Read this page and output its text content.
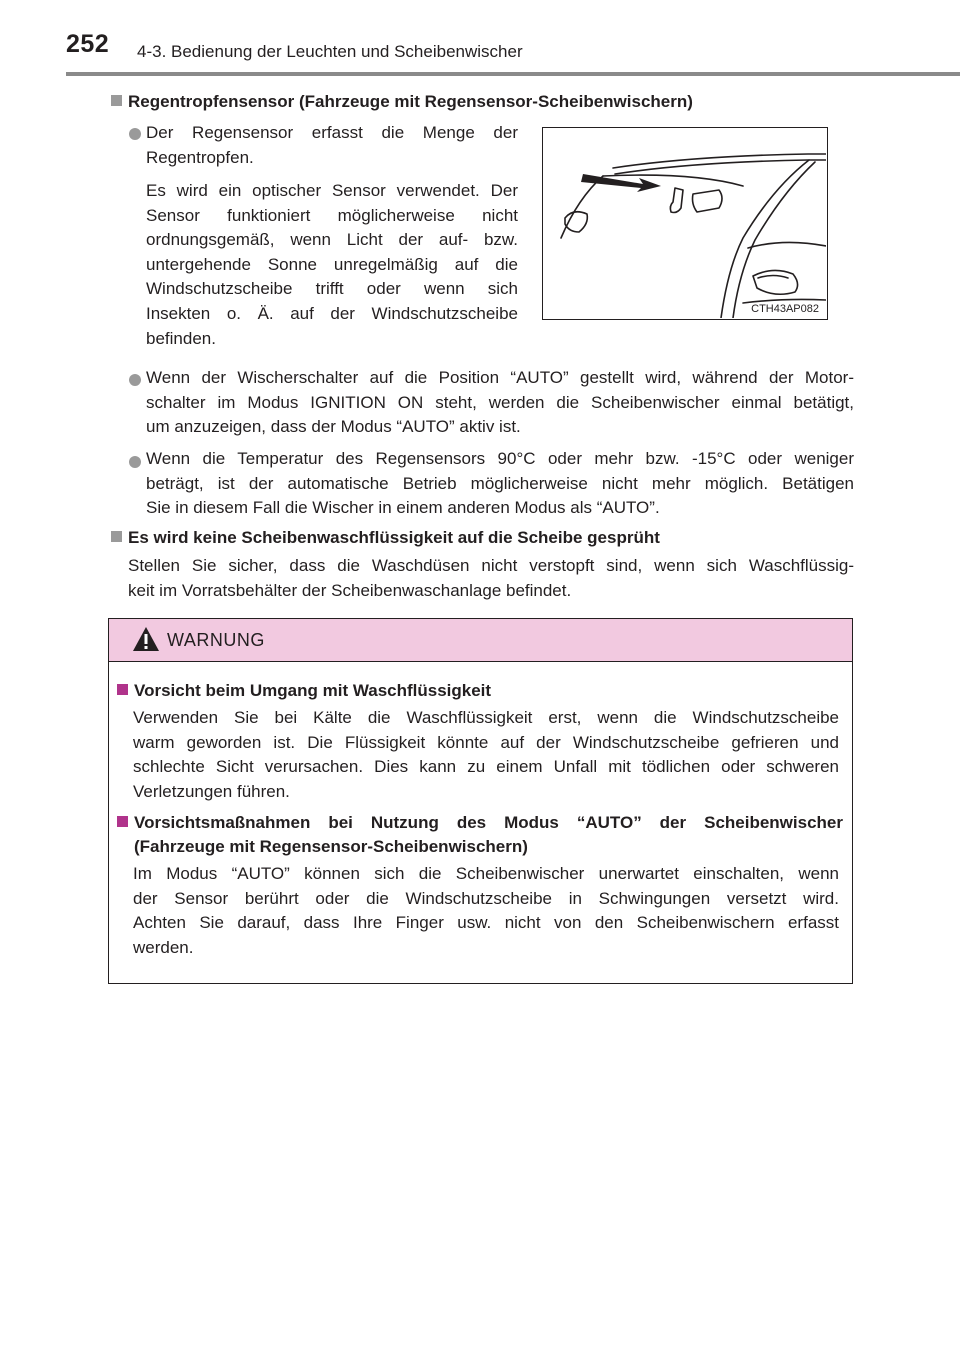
252 4-3. Bedienung der Leuchten und Scheibenwischer
Regentropfensensor (Fahrzeuge mit Regensensor-Scheibenwischern)
Der Regensensor erfasst die Menge der
Regentropfen.
Es wird ein optischer Sensor verwendet. Der
Sensor funktioniert möglicherweise nicht
ordnungsgemäß, wenn Licht der auf- bzw.
untergehende Sonne unregelmäßig auf die
Windschutzscheibe trifft oder wenn sich
Insekten o. Ä. auf der Windschutzscheibe
befinden.
CTH43AP082
Wenn der Wischerschalter auf die Position “AUTO” gestellt wird, während der Motor-
schalter im Modus IGNITION ON steht, werden die Scheibenwischer einmal betätigt,
um anzuzeigen, dass der Modus “AUTO” aktiv ist.
Wenn die Temperatur des Regensensors 90°C oder mehr bzw. -15°C oder weniger
beträgt, ist der automatische Betrieb möglicherweise nicht mehr möglich. Betätigen
Sie in diesem Fall die Wischer in einem anderen Modus als “AUTO”.
Es wird keine Scheibenwaschflüssigkeit auf die Scheibe gesprüht
Stellen Sie sicher, dass die Waschdüsen nicht verstopft sind, wenn sich Waschflüssig-
keit im Vorratsbehälter der Scheibenwaschanlage befindet.
WARNUNG
Vorsicht beim Umgang mit Waschflüssigkeit
Verwenden Sie bei Kälte die Waschflüssigkeit erst, wenn die Windschutzscheibe
warm geworden ist. Die Flüssigkeit könnte auf der Windschutzscheibe gefrieren und
schlechte Sicht verursachen. Dies kann zu einem Unfall mit tödlichen oder schweren
Verletzungen führen.
Vorsichtsmaßnahmen bei Nutzung des Modus “AUTO” der Scheibenwischer
(Fahrzeuge mit Regensensor-Scheibenwischern)
Im Modus “AUTO” können sich die Scheibenwischer unerwartet einschalten, wenn
der Sensor berührt oder die Windschutzscheibe in Schwingungen versetzt wird.
Achten Sie darauf, dass Ihre Finger usw. nicht von den Scheibenwischern erfasst
werden.
